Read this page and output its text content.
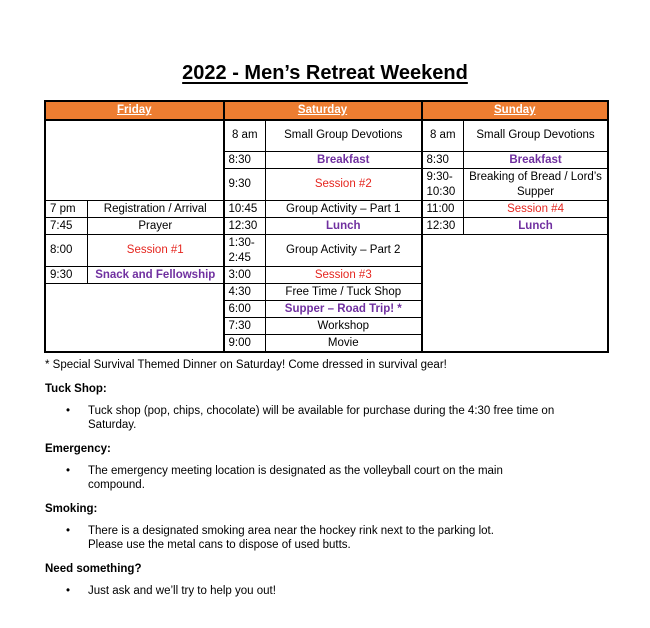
2022 - Men’s Retreat Weekend
Friday		Saturday		Sunday	
		8 am	Small Group Devotions	8 am	Small Group Devotions
		8:30	Breakfast	8:30	Breakfast
		9:30	Session #2	9:30-10:30	Breaking of Bread / Lord’s Supper
7 pm	Registration / Arrival	10:45	Group Activity – Part 1	11:00	Session #4
7:45	Prayer	12:30	Lunch	12:30	Lunch
8:00	Session #1	1:30-2:45	Group Activity – Part 2		
9:30	Snack and Fellowship	3:00	Session #3		
		4:30	Free Time / Tuck Shop		
		6:00	Supper – Road Trip! *		
		7:30	Workshop		
		9:00	Movie		
* Special Survival Themed Dinner on Saturday! Come dressed in survival gear!
Tuck Shop:
• Tuck shop (pop, chips, chocolate) will be available for purchase during the 4:30 free time on Saturday.
Emergency:
• The emergency meeting location is designated as the volleyball court on the main compound.
Smoking:
• There is a designated smoking area near the hockey rink next to the parking lot. Please use the metal cans to dispose of used butts.
Need something?
• Just ask and we’ll try to help you out!
